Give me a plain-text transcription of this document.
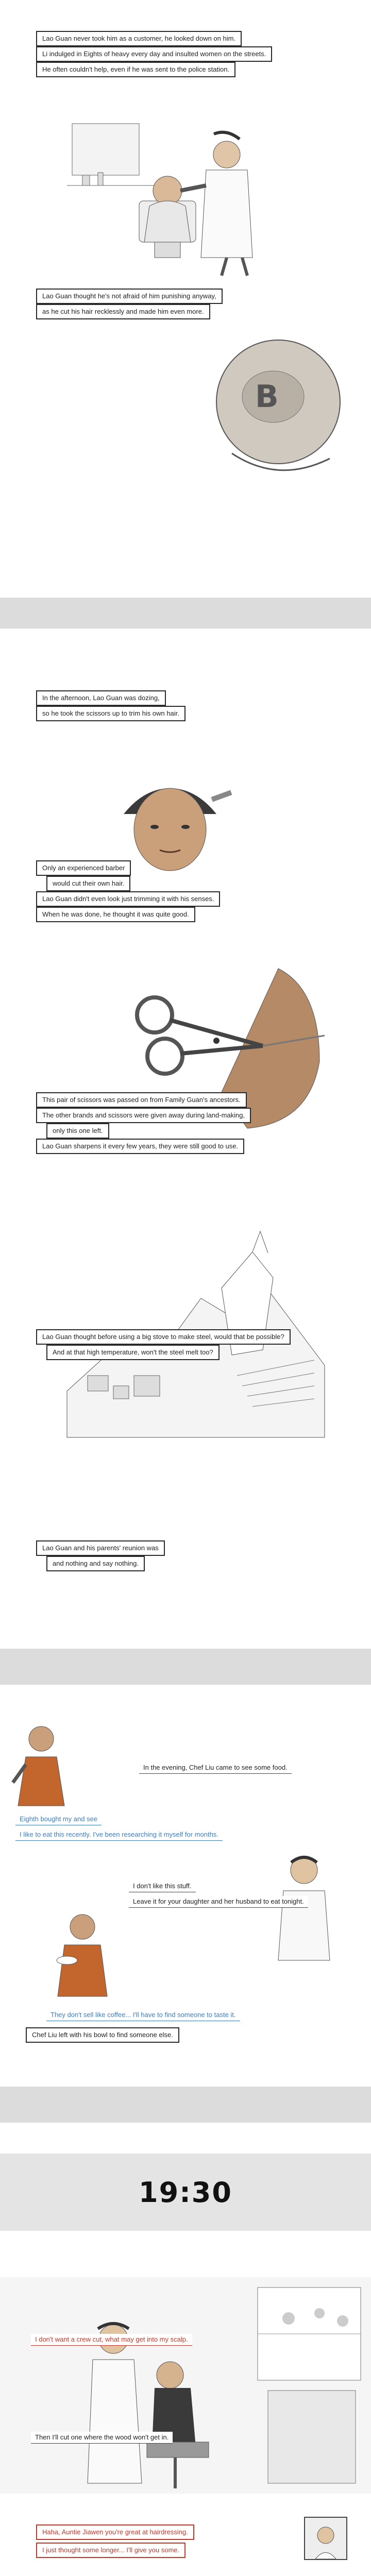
Lao Guan never took him as a customer, he looked down on him.
Li indulged in Eights of heavy every day and insulted women on the streets.
He often couldn't help, even if he was sent to the police station.
Lao Guan thought he's not afraid of him punishing anyway,
as he cut his hair recklessly and made him even more.
B
In the afternoon, Lao Guan was dozing,
so he took the scissors up to trim his own hair.
Only an experienced barber
would cut their own hair.
Lao Guan didn't even look just trimming it with his senses.
When he was done, he thought it was quite good.
This pair of scissors was passed on from Family Guan's ancestors.
The other brands and scissors were given away during land-making,
only this one left.
Lao Guan sharpens it every few years, they were still good to use.
Lao Guan thought before using a big stove to make steel, would that be possible?
And at that high temperature, won't the steel melt too?
Lao Guan and his parents' reunion was
and nothing and say nothing.
In the evening, Chef Liu came to see some food.
Eighth bought my and see
I like to eat this recently. I've been researching it myself for months.
I don't like this stuff.
Leave it for your daughter and her husband to eat tonight.
They don't sell like coffee... I'll have to find someone to taste it.
Chef Liu left with his bowl to find someone else.
19:30
I don't want a crew cut, what may get into my scalp.
Then I'll cut one where the wood won't get in.
Haha, Auntie Jiawen you're great at hairdressing.
I just thought some longer... I'll give you some.
